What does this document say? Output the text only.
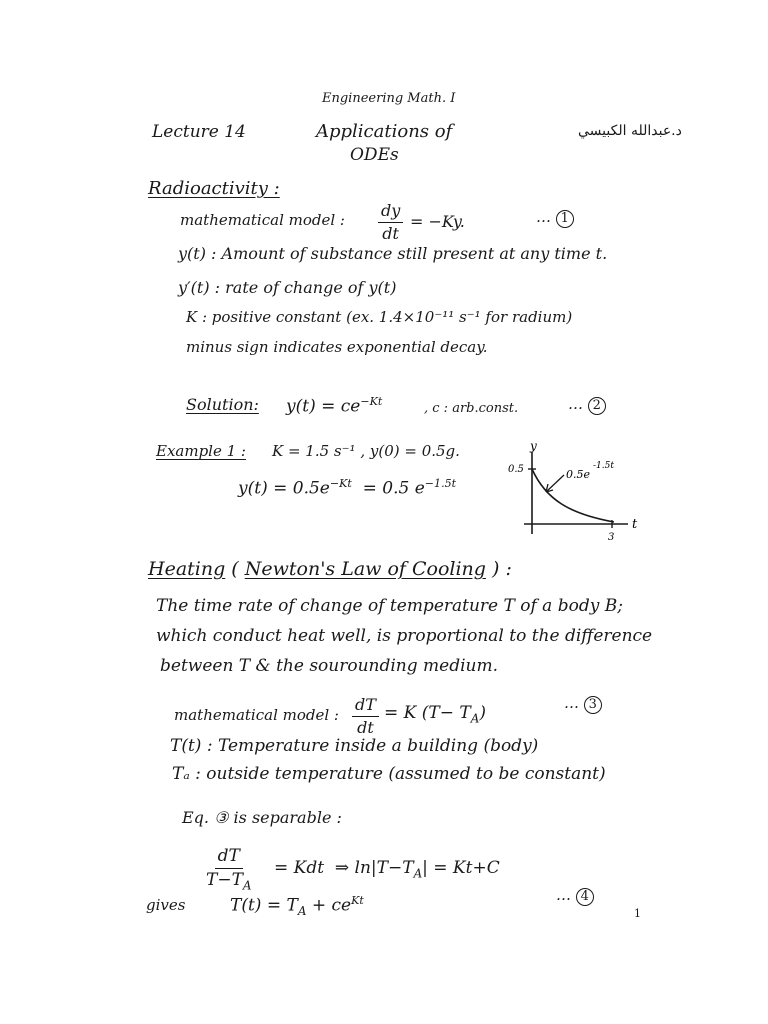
Engineering Math. I
Lecture 14	Applications of
ODEs
د.عبدالله الكبيسي
Radioactivity :
mathematical model : $\frac{dy}{dt} = -Ky$.	… 1
y(t) : Amount of substance still present at any time t.
y′(t) : rate of change of y(t)
K : positive constant (ex. 1.4×10⁻¹¹ s⁻¹ for radium)
minus sign indicates exponential decay.
Solution: $y(t) = ce^{-Kt}$	, c : arb.const.	… 2
Example 1 : K = 1.5 s⁻¹ , y(0) = 0.5g.
$y(t) = 0.5e^{-Kt} = 0.5$ $e^{-1.5t}$
y
t
0.5
3
0.5e
-1.5t
Heating ( Newton's Law of Cooling ) :
The time rate of change of temperature T of a body B;
which conduct heat well, is proportional to the difference
between T & the sourounding medium.
mathematical model : $\frac{dT}{dt} = K$ $(T- T_A)$	… 3
T(t) : Temperature inside a building (body)
Tₐ : outside temperature (assumed to be constant)
Eq. ③ is separable :
$\frac{dT}{T-T_A}$ = Kdt  ⇒ $\ln|T-T_A| = Kt+C$
gives	$T(t) = T_A + ce^{Kt}$	… 4
1
